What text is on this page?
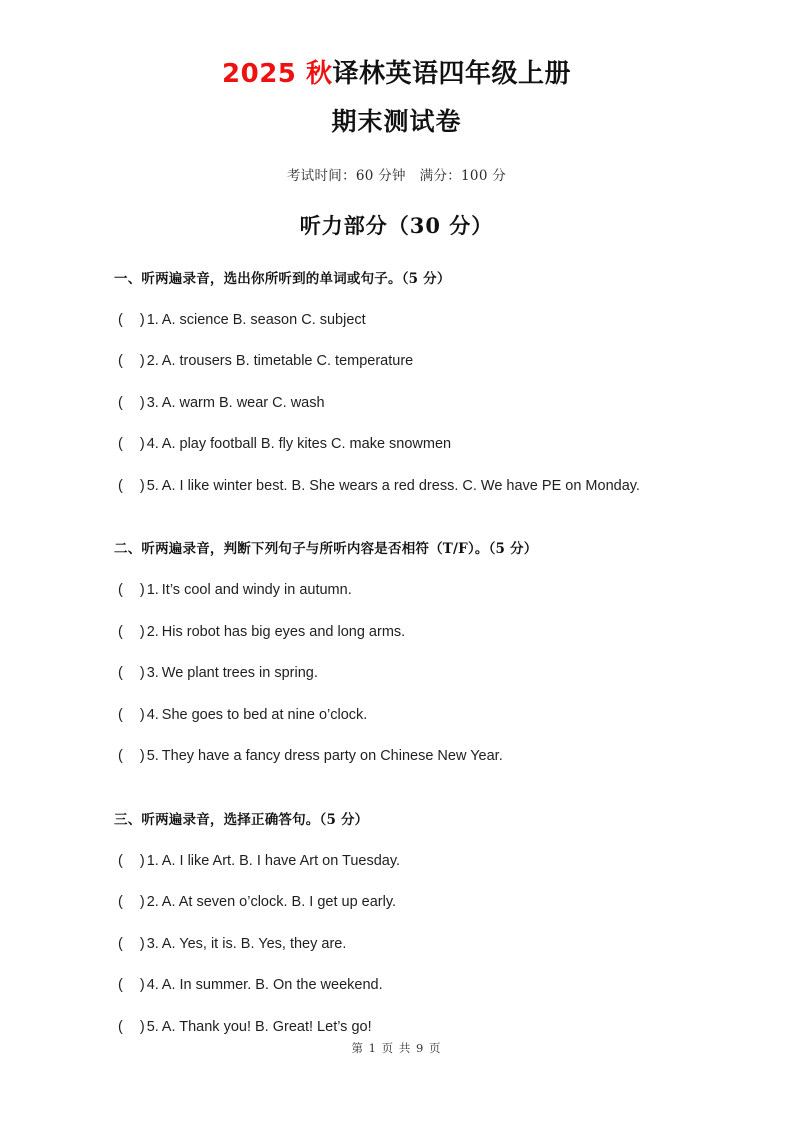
2025 秋译林英语四年级上册
期末测试卷

考试时间：60 分钟　满分：100 分

听力部分（30 分）
一、听两遍录音，选出你所听到的单词或句子。（5 分）
( ) 1. A. science B. season C. subject
( ) 2. A. trousers B. timetable C. temperature
( ) 3. A. warm B. wear C. wash
( ) 4. A. play football B. fly kites C. make snowmen
( ) 5. A. I like winter best. B. She wears a red dress. C. We have PE on Monday.
二、听两遍录音，判断下列句子与所听内容是否相符（T/F）。（5 分）
( ) 1. It’s cool and windy in autumn.
( ) 2. His robot has big eyes and long arms.
( ) 3. We plant trees in spring.
( ) 4. She goes to bed at nine o’clock.
( ) 5. They have a fancy dress party on Chinese New Year.
三、听两遍录音，选择正确答句。（5 分）
( ) 1. A. I like Art. B. I have Art on Tuesday.
( ) 2. A. At seven o’clock. B. I get up early.
( ) 3. A. Yes, it is. B. Yes, they are.
( ) 4. A. In summer. B. On the weekend.
( ) 5. A. Thank you! B. Great! Let’s go!
第 1 页 共 9 页
